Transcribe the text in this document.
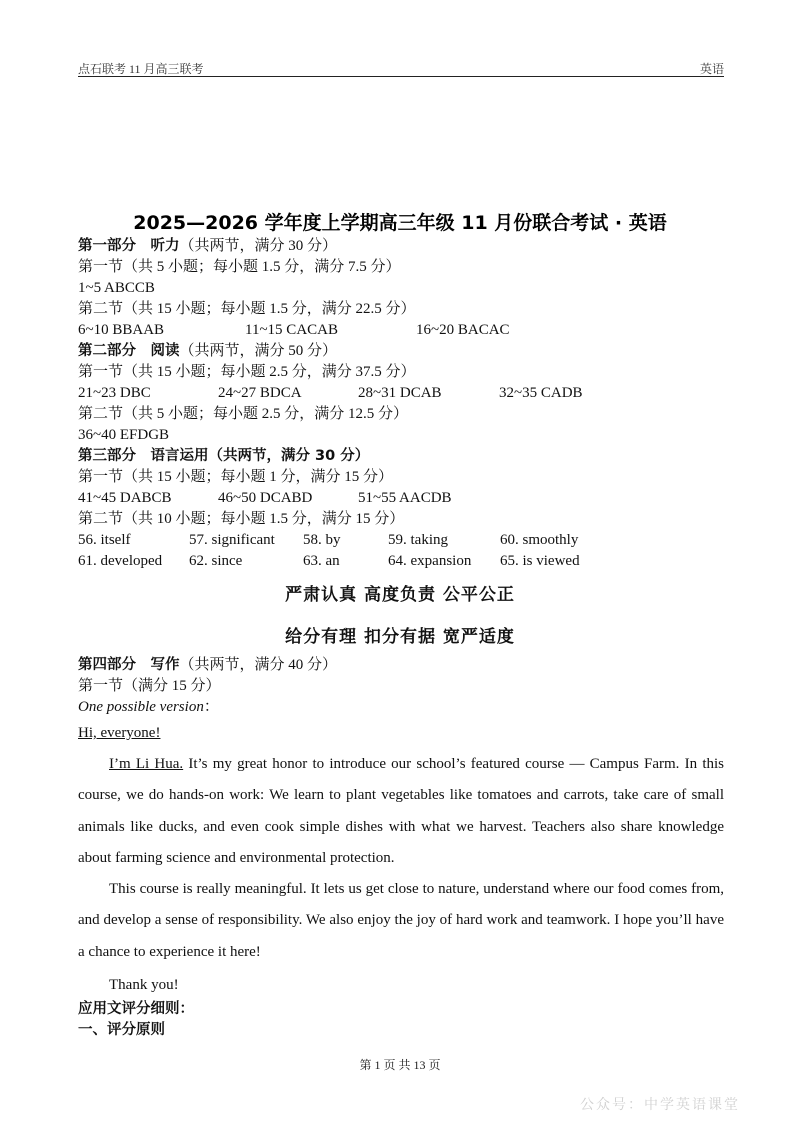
点石联考 11 月高三联考	英语
2025—2026 学年度上学期高三年级 11 月份联合考试 · 英语
第一部分　听力（共两节，满分 30 分）
第一节（共 5 小题；每小题 1.5 分，满分 7.5 分）
1~5 ABCCB
第二节（共 15 小题；每小题 1.5 分，满分 22.5 分）
6~10 BBAAB	11~15 CACAB	16~20 BACAC
第二部分　阅读（共两节，满分 50 分）
第一节（共 15 小题；每小题 2.5 分，满分 37.5 分）
21~23 DBC	24~27 BDCA	28~31 DCAB	32~35 CADB
第二节（共 5 小题；每小题 2.5 分，满分 12.5 分）
36~40 EFDGB
第三部分　语言运用（共两节，满分 30 分）
第一节（共 15 小题；每小题 1 分，满分 15 分）
41~45 DABCB	46~50 DCABD	51~55 AACDB
第二节（共 10 小题；每小题 1.5 分，满分 15 分）
56. itself	57. significant 58. by	59. taking	60. smoothly
61. developed 62. since	63. an	64. expansion 65. is viewed
严肃认真 高度负责 公平公正
给分有理 扣分有据 宽严适度
第四部分　写作（共两节，满分 40 分）
第一节（满分 15 分）
One possible version：
Hi, everyone!

I’m Li Hua. It’s my great honor to introduce our school’s featured course — Campus Farm. In this course, we do hands-on work: We learn to plant vegetables like tomatoes and carrots, take care of small animals like ducks, and even cook simple dishes with what we harvest. Teachers also share knowledge about farming science and environmental protection.

This course is really meaningful. It lets us get close to nature, understand where our food comes from, and develop a sense of responsibility. We also enjoy the joy of hard work and teamwork. I hope you’ll have a chance to experience it here!

Thank you!
应用文评分细则：
一、评分原则
第 1 页 共 13 页
公众号：中学英语课堂
